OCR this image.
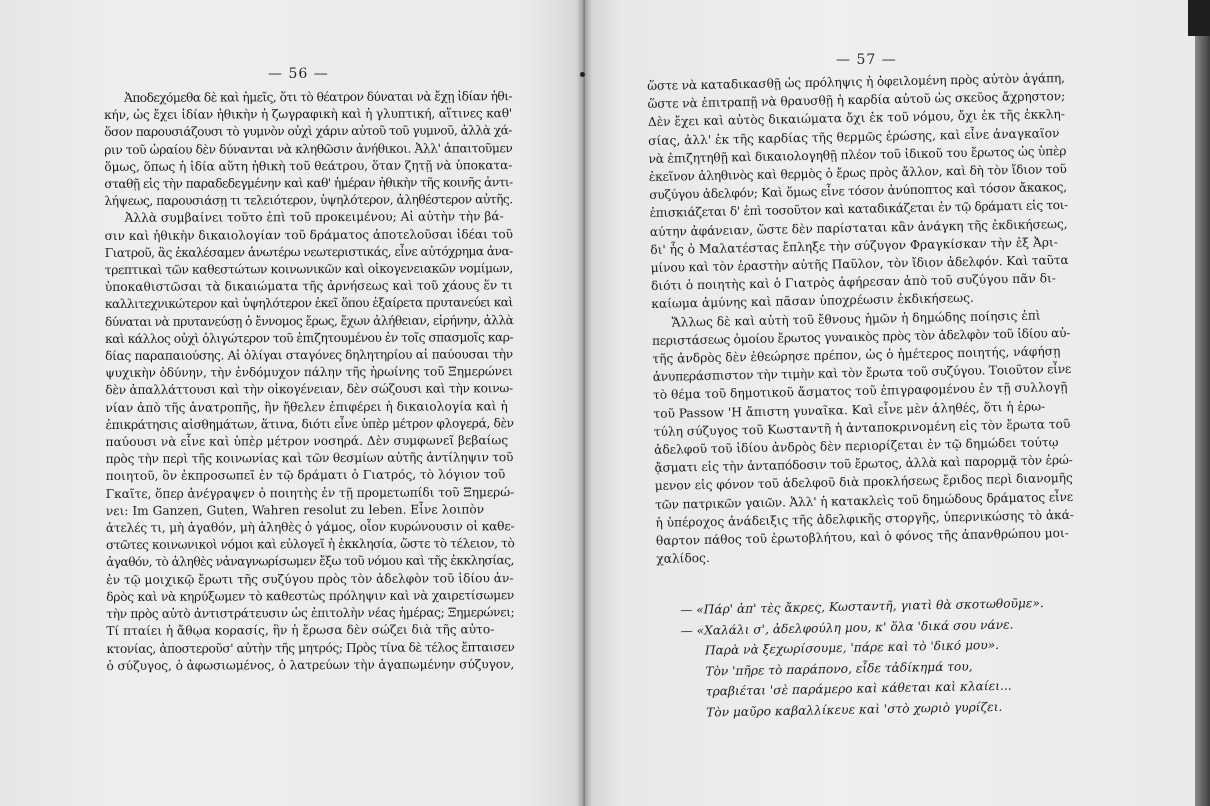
— 56 —
Ἀποδεχόμεθα δὲ καὶ ἡμεῖς, ὅτι τὸ θέατρον δύναται νὰ ἔχῃ ἰδίαν ἠθι-
κήν, ὡς ἔχει ἰδίαν ἠθικὴν ἡ ζωγραφικὴ καὶ ἡ γλυπτική, αἵτινες καθ'
ὅσον παρουσιάζουσι τὸ γυμνὸν οὐχὶ χάριν αὐτοῦ τοῦ γυμνοῦ, ἀλλὰ χά-
ριν τοῦ ὡραίου δὲν δύνανται νὰ κληθῶσιν ἀνήθικοι. Ἀλλ' ἀπαιτοῦμεν
ὅμως, ὅπως ἡ ἰδία αὕτη ἠθικὴ τοῦ θεάτρου, ὅταν ζητῇ νὰ ὑποκατα-
σταθῇ εἰς τὴν παραδεδεγμένην καὶ καθ' ἡμέραν ἠθικὴν τῆς κοινῆς ἀντι-
λήψεως, παρουσιάσῃ τι τελειότερον, ὑψηλότερον, ἀληθέστερον αὐτῆς.
Ἀλλὰ συμβαίνει τοῦτο ἐπὶ τοῦ προκειμένου; Αἱ αὐτὴν τὴν βά-
σιν καὶ ἠθικὴν δικαιολογίαν τοῦ δράματος ἀποτελοῦσαι ἰδέαι τοῦ
Γιατροῦ, ἃς ἐκαλέσαμεν ἀνωτέρω νεωτεριστικάς, εἶνε αὐτόχρημα ἀνα-
τρεπτικαὶ τῶν καθεστώτων κοινωνικῶν καὶ οἰκογενειακῶν νομίμων,
ὑποκαθιστῶσαι τὰ δικαιώματα τῆς ἀρνήσεως καὶ τοῦ χάους ἕν τι
καλλιτεχνικώτερον καὶ ὑψηλότερον ἐκεῖ ὅπου ἐξαίρετα πρυτανεύει καὶ
δύναται νὰ πρυτανεύσῃ ὁ ἔννομος ἔρως, ἔχων ἀλήθειαν, εἰρήνην, ἀλλὰ
καὶ κάλλος οὐχὶ ὀλιγώτερον τοῦ ἐπιζητουμένου ἐν τοῖς σπασμοῖς καρ-
δίας παραπαιούσης. Αἱ ὀλίγαι σταγόνες δηλητηρίου αἱ παύουσαι τὴν
ψυχικὴν ὀδύνην, τὴν ἐνδόμυχον πάλην τῆς ἡρωίνης τοῦ Ξημερώνει
δὲν ἀπαλλάττουσι καὶ τὴν οἰκογένειαν, δὲν σώζουσι καὶ τὴν κοινω-
νίαν ἀπὸ τῆς ἀνατροπῆς, ἣν ἤθελεν ἐπιφέρει ἡ δικαιολογία καὶ ἡ
ἐπικράτησις αἰσθημάτων, ἅτινα, διότι εἶνε ὑπὲρ μέτρον φλογερά, δὲν
παύουσι νὰ εἶνε καὶ ὑπὲρ μέτρον νοσηρά. Δὲν συμφωνεῖ βεβαίως
πρὸς τὴν περὶ τῆς κοινωνίας καὶ τῶν θεσμίων αὐτῆς ἀντίληψιν τοῦ
ποιητοῦ, ὃν ἐκπροσωπεῖ ἐν τῷ δράματι ὁ Γιατρός, τὸ λόγιον τοῦ
Γκαῖτε, ὅπερ ἀνέγραψεν ὁ ποιητὴς ἐν τῇ προμετωπίδι τοῦ Ξημερώ-
νει: Im Ganzen, Guten, Wahren resolut zu leben. Εἶνε λοιπὸν
ἀτελές τι, μὴ ἀγαθόν, μὴ ἀληθὲς ὁ γάμος, οἷον κυρώνουσιν οἱ καθε-
στῶτες κοινωνικοὶ νόμοι καὶ εὐλογεῖ ἡ ἐκκλησία, ὥστε τὸ τέλειον, τὸ
ἀγαθόν, τὸ ἀληθὲς νἀναγνωρίσωμεν ἔξω τοῦ νόμου καὶ τῆς ἐκκλησίας,
ἐν τῷ μοιχικῷ ἔρωτι τῆς συζύγου πρὸς τὸν ἀδελφὸν τοῦ ἰδίου ἀν-
δρὸς καὶ νὰ κηρύξωμεν τὸ καθεστὼς πρόληψιν καὶ νὰ χαιρετίσωμεν
τὴν πρὸς αὐτὸ ἀντιστράτευσιν ὡς ἐπιτολὴν νέας ἡμέρας; Ξημερώνει;
Τί πταίει ἡ ἄθῳα κορασίς, ἣν ἡ ἔρωσα δὲν σώζει διὰ τῆς αὐτο-
κτονίας, ἀποστεροῦσ' αὐτὴν τῆς μητρός; Πρὸς τίνα δὲ τέλος ἔπταισεν
ὁ σύζυγος, ὁ ἀφωσιωμένος, ὁ λατρεύων τὴν ἀγαπωμένην σύζυγον,
— 57 —
ὥστε νὰ καταδικασθῇ ὡς πρόληψις ἡ ὀφειλομένη πρὸς αὐτὸν ἀγάπη,
ὥστε νὰ ἐπιτραπῇ νὰ θραυσθῇ ἡ καρδία αὐτοῦ ὡς σκεῦος ἄχρηστον;
Δὲν ἔχει καὶ αὐτὸς δικαιώματα ὄχι ἐκ τοῦ νόμου, ὄχι ἐκ τῆς ἐκκλη-
σίας, ἀλλ' ἐκ τῆς καρδίας τῆς θερμῶς ἐρώσης, καὶ εἶνε ἀναγκαῖον
νὰ ἐπιζητηθῇ καὶ δικαιολογηθῇ πλέον τοῦ ἰδικοῦ του ἔρωτος ὡς ὑπὲρ
ἐκεῖνον ἀληθινὸς καὶ θερμὸς ὁ ἔρως πρὸς ἄλλον, καὶ δὴ τὸν ἴδιον τοῦ
συζύγου ἀδελφόν; Καὶ ὅμως εἶνε τόσον ἀνύποπτος καὶ τόσον ἄκακος,
ἐπισκιάζεται δ' ἐπὶ τοσοῦτον καὶ καταδικάζεται ἐν τῷ δράματι εἰς τοι-
αύτην ἀφάνειαν, ὥστε δὲν παρίσταται κἂν ἀνάγκη τῆς ἐκδικήσεως,
δι' ἧς ὁ Μαλατέστας ἔπληξε τὴν σύζυγον Φραγκίσκαν τὴν ἐξ Ἀρι-
μίνου καὶ τὸν ἐραστὴν αὐτῆς Παῦλον, τὸν ἴδιον ἀδελφόν. Καὶ ταῦτα
διότι ὁ ποιητὴς καὶ ὁ Γιατρὸς ἀφήρεσαν ἀπὸ τοῦ συζύγου πᾶν δι-
καίωμα ἀμύνης καὶ πᾶσαν ὑποχρέωσιν ἐκδικήσεως.
Ἄλλως δὲ καὶ αὐτὴ τοῦ ἔθνους ἡμῶν ἡ δημώδης ποίησις ἐπὶ
περιστάσεως ὁμοίου ἔρωτος γυναικὸς πρὸς τὸν ἀδελφὸν τοῦ ἰδίου αὐ-
τῆς ἀνδρὸς δὲν ἐθεώρησε πρέπον, ὡς ὁ ἡμέτερος ποιητής, νάφήσῃ
ἀνυπεράσπιστον τὴν τιμὴν καὶ τὸν ἔρωτα τοῦ συζύγου. Τοιοῦτον εἶνε
τὸ θέμα τοῦ δημοτικοῦ ἄσματος τοῦ ἐπιγραφομένου ἐν τῇ συλλογῇ
τοῦ Passow 'Η ἄπιστη γυναῖκα. Καὶ εἶνε μὲν ἀληθές, ὅτι ἡ ἐρω-
τύλη σύζυγος τοῦ Κωσταντῆ ἡ ἀνταποκρινομένη εἰς τὸν ἔρωτα τοῦ
ἀδελφοῦ τοῦ ἰδίου ἀνδρὸς δὲν περιορίζεται ἐν τῷ δημώδει τούτῳ
ᾄσματι εἰς τὴν ἀνταπόδοσιν τοῦ ἔρωτος, ἀλλὰ καὶ παρορμᾷ τὸν ἐρώ-
μενον εἰς φόνον τοῦ ἀδελφοῦ διὰ προκλήσεως ἔριδος περὶ διανομῆς
τῶν πατρικῶν γαιῶν. Ἀλλ' ἡ κατακλεὶς τοῦ δημώδους δράματος εἶνε
ἡ ὑπέροχος ἀνάδειξις τῆς ἀδελφικῆς στοργῆς, ὑπερνικώσης τὸ ἀκά-
θαρτον πάθος τοῦ ἐρωτοβλήτου, καὶ ὁ φόνος τῆς ἀπανθρώπου μοι-
χαλίδος.
— «Πάρ' ἀπ' τὲς ἄκρες, Κωσταντῆ, γιατὶ θὰ σκοτωθοῦμε».
— «Χαλάλι σ', ἀδελφούλη μου, κ' ὅλα 'δικά σου νάνε.
Παρὰ νὰ ξεχωρίσουμε, 'πάρε καὶ τὸ 'δικό μου».
Τὸν 'πῆρε τὸ παράπονο, εἶδε τἀδίκημά του,
τραβιέται 'σὲ παράμερο καὶ κάθεται καὶ κλαίει...
Τὸν μαῦρο καβαλλίκευε καὶ 'στὸ χωριὸ γυρίζει.
